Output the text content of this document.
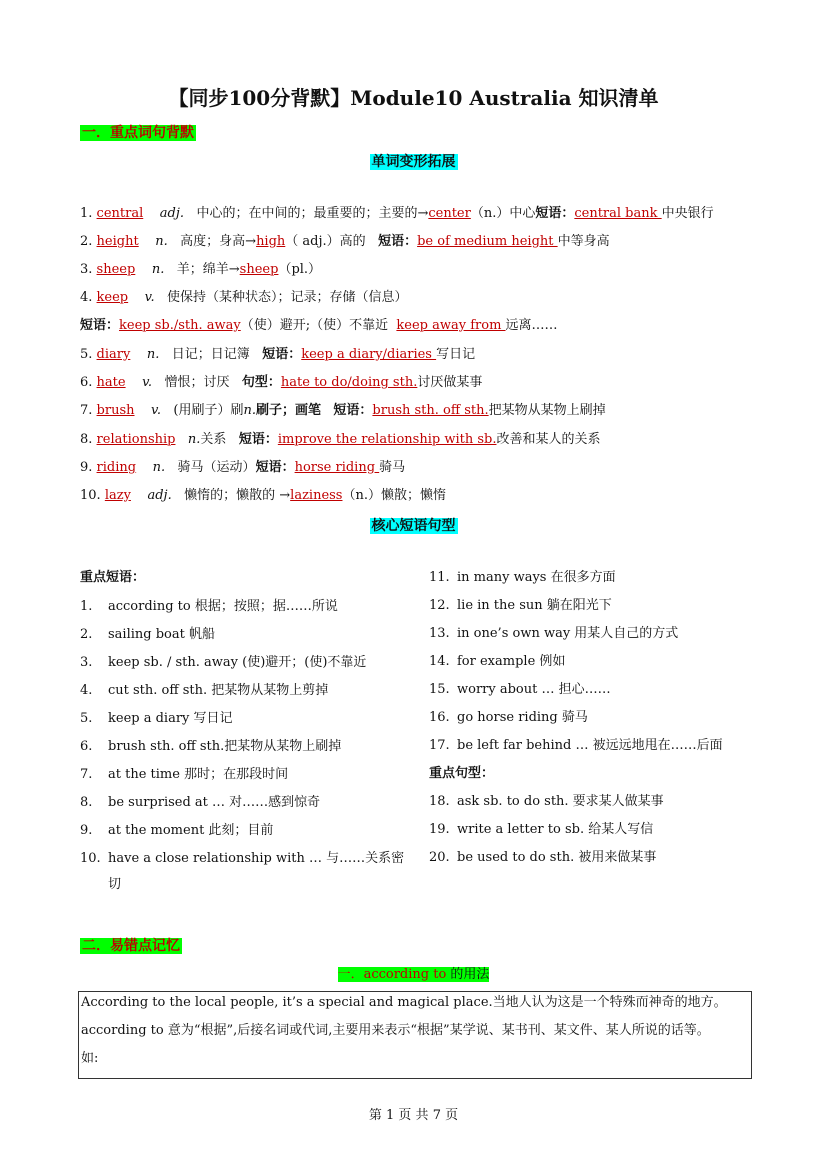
【同步100分背默】Module10 Australia 知识清单
一．重点词句背默
单词变形拓展
1. central adj. 中心的；在中间的；最重要的；主要的→center（n.）中心短语：central bank 中央银行
2. height n. 高度；身高→high（ adj.）高的 短语：be of medium height 中等身高
3. sheep n. 羊；绵羊→sheep（pl.）
4. keep v. 使保持（某种状态）；记录；存储（信息）
短语：keep sb./sth. away（使）避开;（使）不靠近 keep away from 远离……
5. diary n. 日记；日记簿 短语：keep a diary/diaries 写日记
6. hate v. 憎恨；讨厌 句型：hate to do/doing sth.讨厌做某事
7. brush v. (用刷子）刷n.刷子；画笔 短语：brush sth. off sth.把某物从某物上刷掉
8. relationship n.关系 短语：improve the relationship with sb.改善和某人的关系
9. riding n. 骑马（运动）短语：horse riding 骑马
10. lazy adj. 懒惰的；懒散的 →laziness（n.）懒散；懒惰
核心短语句型
重点短语：
1. according to 根据；按照；据……所说
2. sailing boat 帆船
3. keep sb. / sth. away (使)避开；(使)不靠近
4. cut sth. off sth. 把某物从某物上剪掉
5. keep a diary 写日记
6. brush sth. off sth.把某物从某物上刷掉
7. at the time 那时；在那段时间
8. be surprised at … 对……感到惊奇
9. at the moment 此刻；目前
10. have a close relationship with … 与……关系密
切
11. in many ways 在很多方面
12. lie in the sun 躺在阳光下
13. in one’s own way 用某人自己的方式
14. for example 例如
15. worry about … 担心……
16. go horse riding 骑马
17. be left far behind … 被远远地甩在……后面
重点句型：
18. ask sb. to do sth. 要求某人做某事
19. write a letter to sb. 给某人写信
20. be used to do sth. 被用来做某事
二．易错点记忆
一．according to 的用法
According to the local people, it’s a special and magical place.当地人认为这是一个特殊而神奇的地方。
according to 意为“根据”,后接名词或代词,主要用来表示“根据”某学说、某书刊、某文件、某人所说的话等。
如:
第 1 页 共 7 页
